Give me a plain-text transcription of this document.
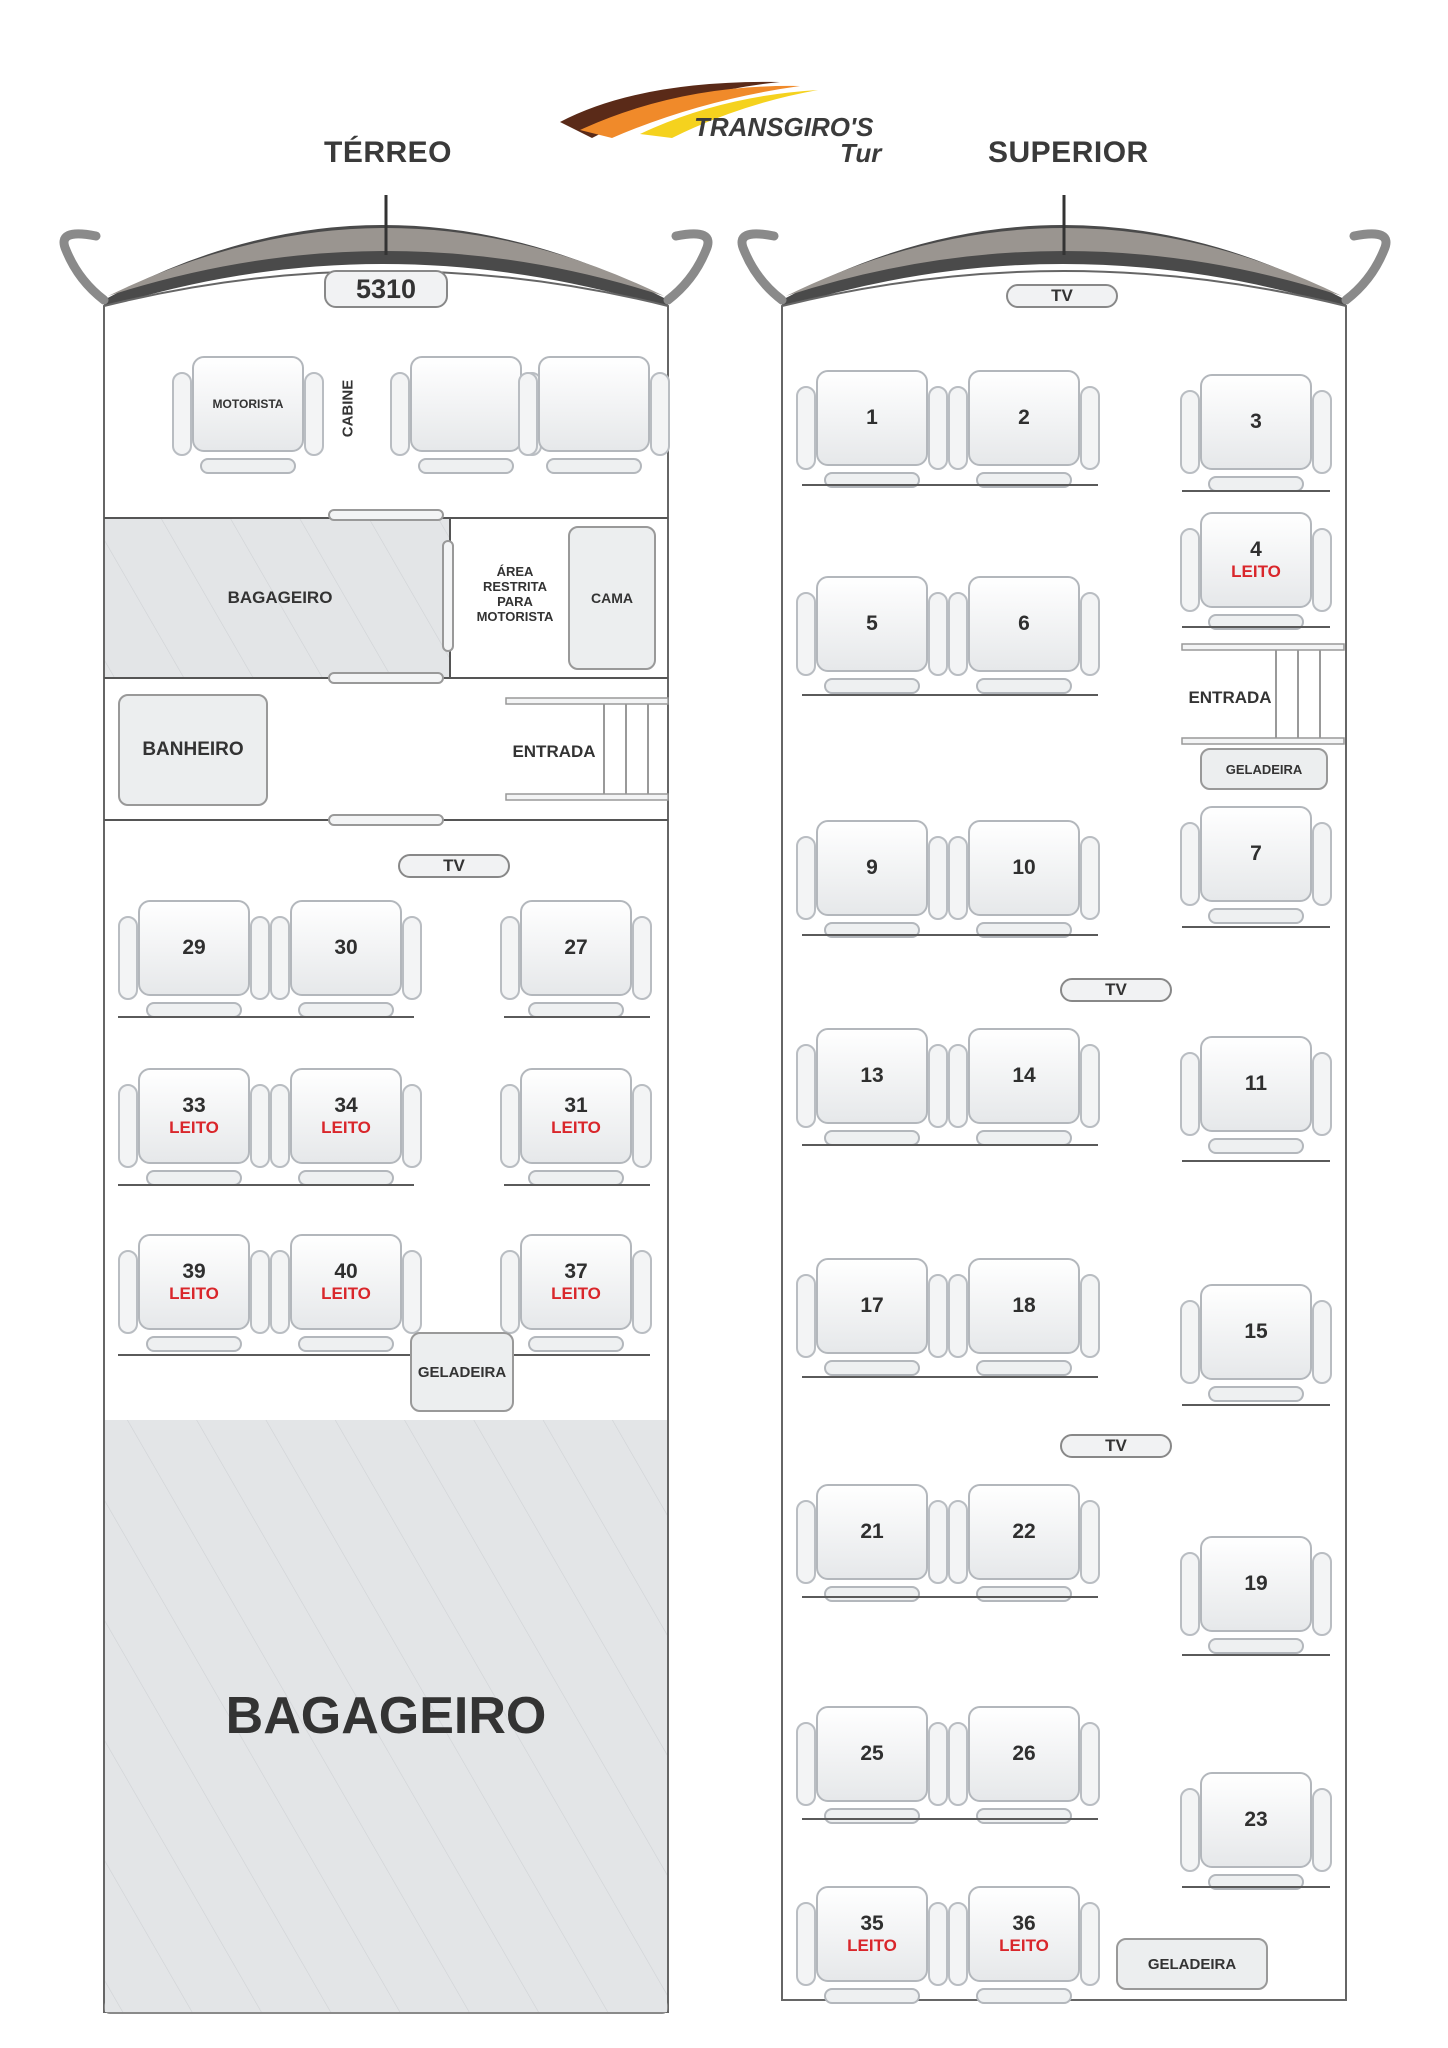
TÉRREO	SUPERIOR
TRANSGIRO'S
Tur
5310
MOTORISTA	CABINE
BAGAGEIRO
ÁREA RESTRITA PARA MOTORISTA
CAMA
BANHEIRO	ENTRADA
TV
29	30	27
33
LEITO
34
LEITO
31
LEITO
39
LEITO
40
LEITO
37
LEITO
GELADEIRA
BAGAGEIRO
TV
1	2	3
4
LEITO
5	6
ENTRADA
GELADEIRA
7
9	10
TV
11
13	14
15
17	18
TV
21	22
19
25	26
23
35
LEITO
36
LEITO
GELADEIRA
